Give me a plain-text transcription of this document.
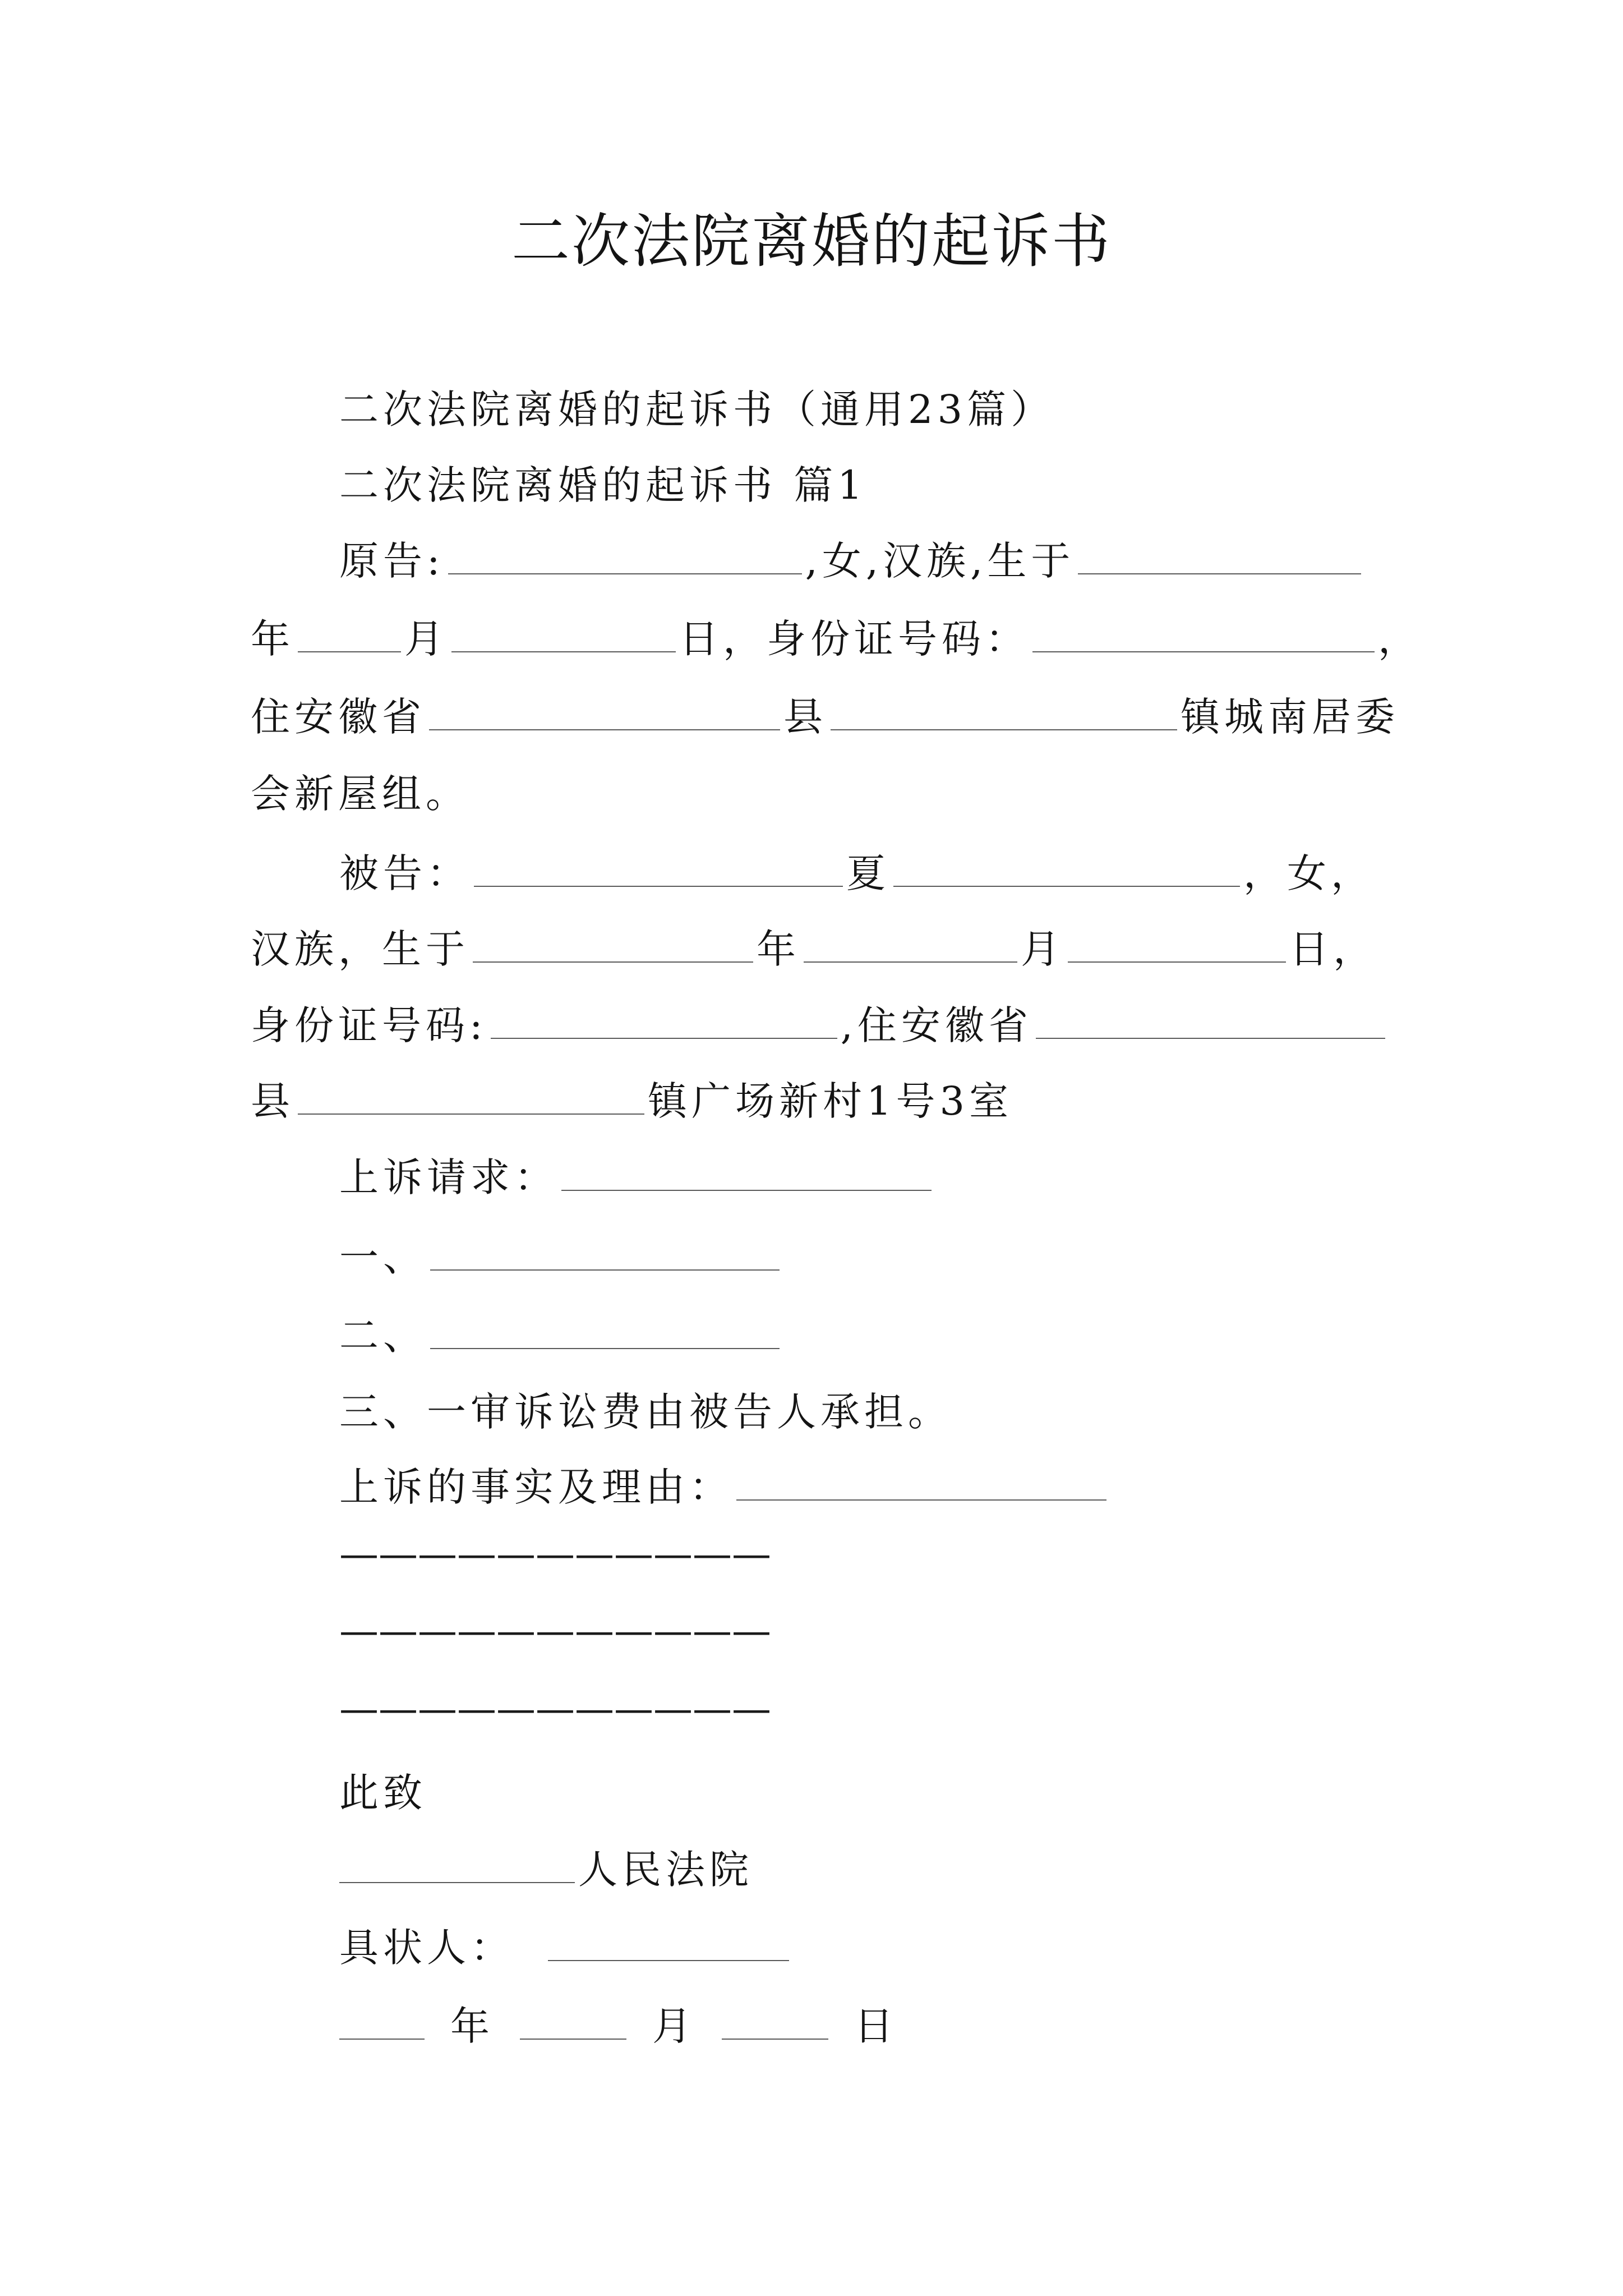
二次法院离婚的起诉书
二次法院离婚的起诉书（通用23篇）
二次法院离婚的起诉书 篇1
原告:	,女,汉族,生于
年	月	日，身份证号码：	，
住安徽省	县	镇城南居委
会新屋组。
被告：	夏	，女，
汉族，生于	年	月	日，
身份证号码:	,住安徽省
县	镇广场新村1号3室
上诉请求：
一、
二、
三、一审诉讼费由被告人承担。
上诉的事实及理由：
———————————
———————————
———————————
此致
人民法院
具状人：
年	月	日
